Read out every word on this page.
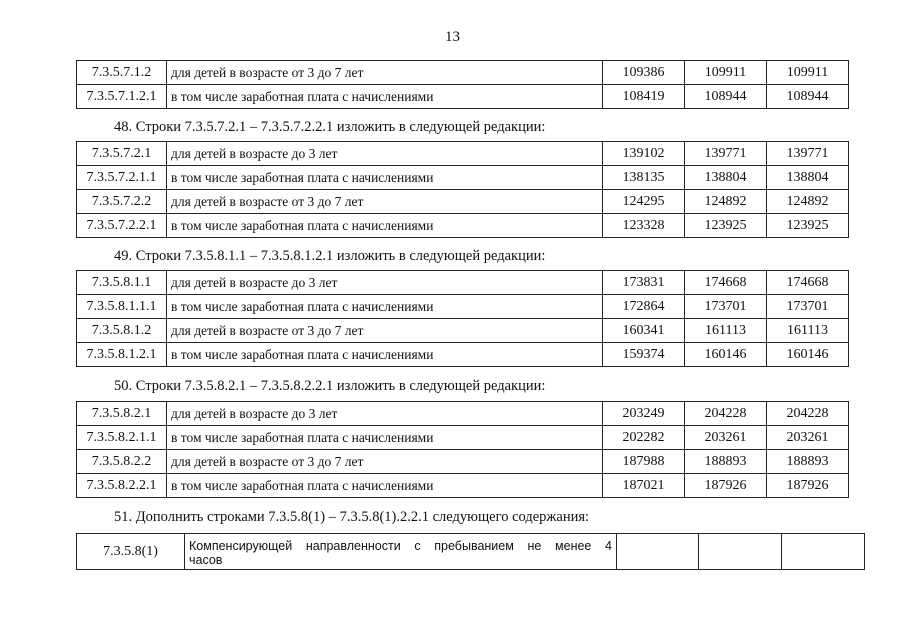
13
7.3.5.7.1.2	для детей в возрасте от 3 до 7 лет	109386	109911	109911
7.3.5.7.1.2.1	в том числе заработная плата с начислениями	108419	108944	108944
48. Строки 7.3.5.7.2.1 – 7.3.5.7.2.2.1 изложить в следующей редакции:
7.3.5.7.2.1	для детей в возрасте до 3 лет	139102	139771	139771
7.3.5.7.2.1.1	в том числе заработная плата с начислениями	138135	138804	138804
7.3.5.7.2.2	для детей в возрасте от 3 до 7 лет	124295	124892	124892
7.3.5.7.2.2.1	в том числе заработная плата с начислениями	123328	123925	123925
49. Строки 7.3.5.8.1.1 – 7.3.5.8.1.2.1 изложить в следующей редакции:
7.3.5.8.1.1	для детей в возрасте до 3 лет	173831	174668	174668
7.3.5.8.1.1.1	в том числе заработная плата с начислениями	172864	173701	173701
7.3.5.8.1.2	для детей в возрасте от 3 до 7 лет	160341	161113	161113
7.3.5.8.1.2.1	в том числе заработная плата с начислениями	159374	160146	160146
50. Строки 7.3.5.8.2.1 – 7.3.5.8.2.2.1 изложить в следующей редакции:
7.3.5.8.2.1	для детей в возрасте до 3 лет	203249	204228	204228
7.3.5.8.2.1.1	в том числе заработная плата с начислениями	202282	203261	203261
7.3.5.8.2.2	для детей в возрасте от 3 до 7 лет	187988	188893	188893
7.3.5.8.2.2.1	в том числе заработная плата с начислениями	187021	187926	187926
51. Дополнить строками 7.3.5.8(1) – 7.3.5.8(1).2.2.1 следующего содержания:
7.3.5.8(1)	Компенсирующей направленности с пребыванием не менее 4
часов			
